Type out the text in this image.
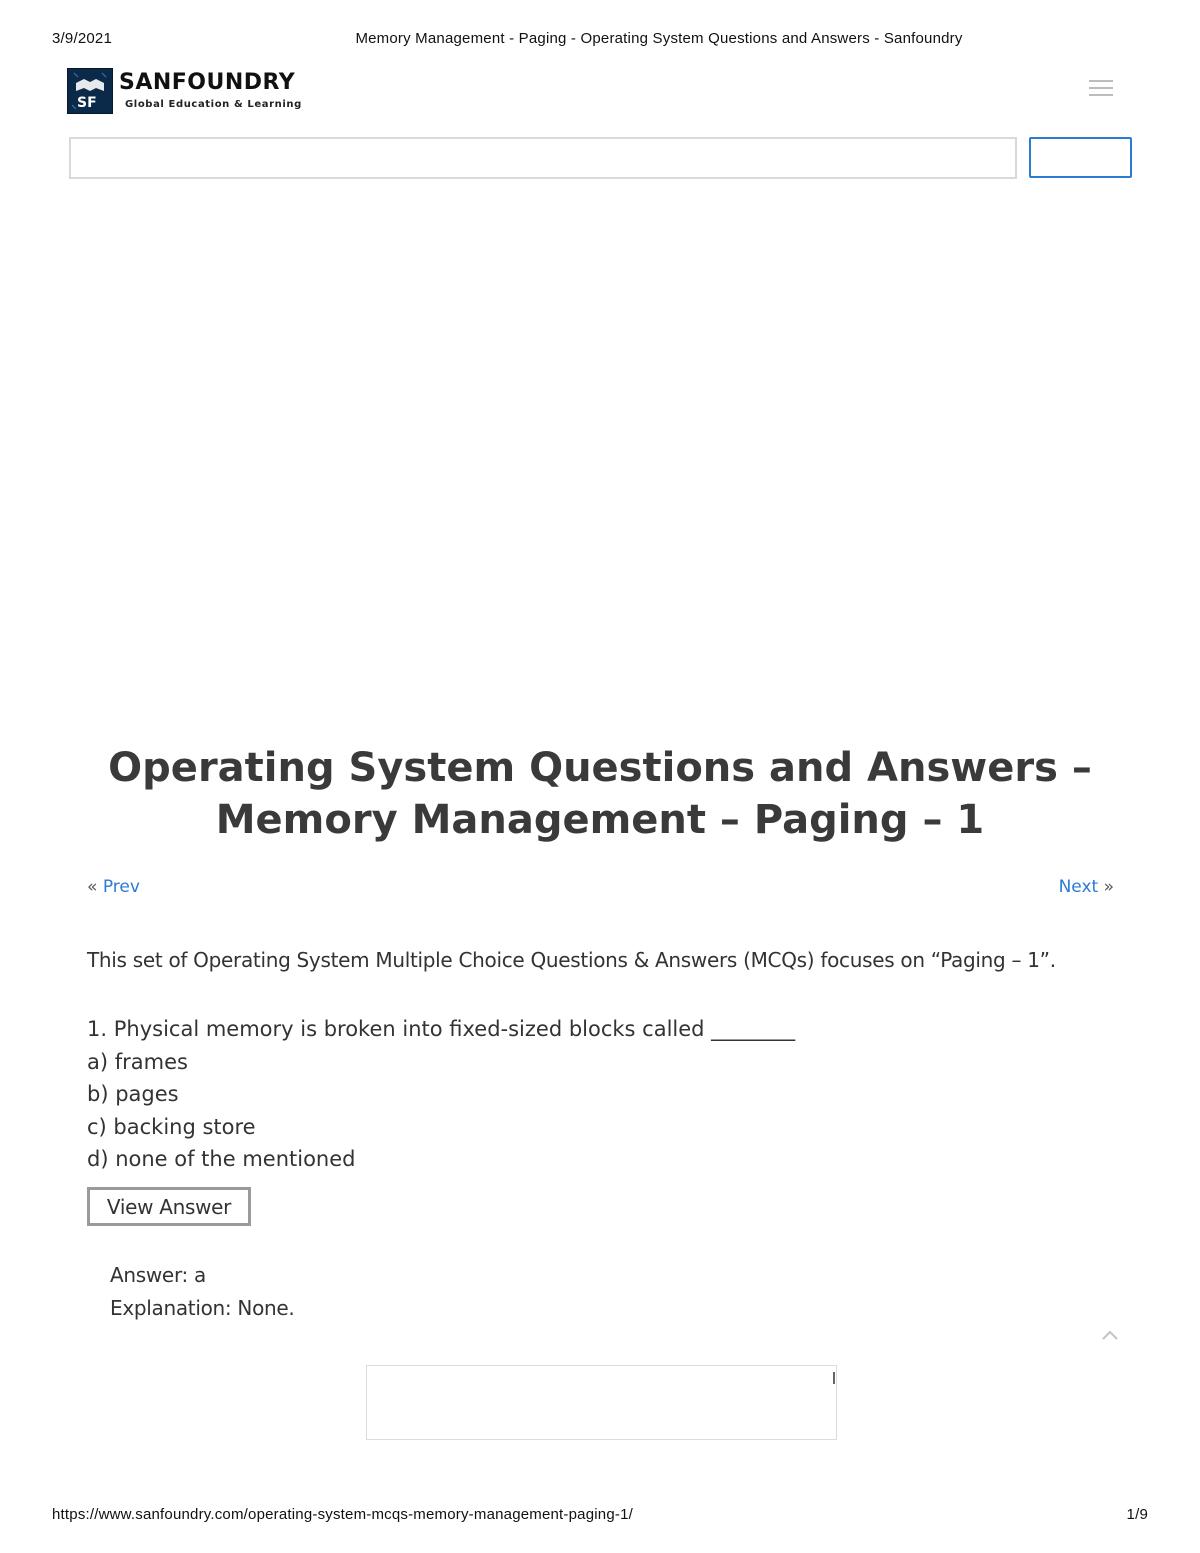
3/9/2021	Memory Management - Paging - Operating System Questions and Answers - Sanfoundry
SF
SANFOUNDRY
Global Education & Learning
Operating System Questions and Answers –
Memory Management – Paging – 1
« Prev	Next »
This set of Operating System Multiple Choice Questions & Answers (MCQs) focuses on “Paging – 1”.
1. Physical memory is broken into fixed-sized blocks called ________
a) frames
b) pages
c) backing store
d) none of the mentioned
View Answer
Answer: a
Explanation: None.
https://www.sanfoundry.com/operating-system-mcqs-memory-management-paging-1/	1/9
